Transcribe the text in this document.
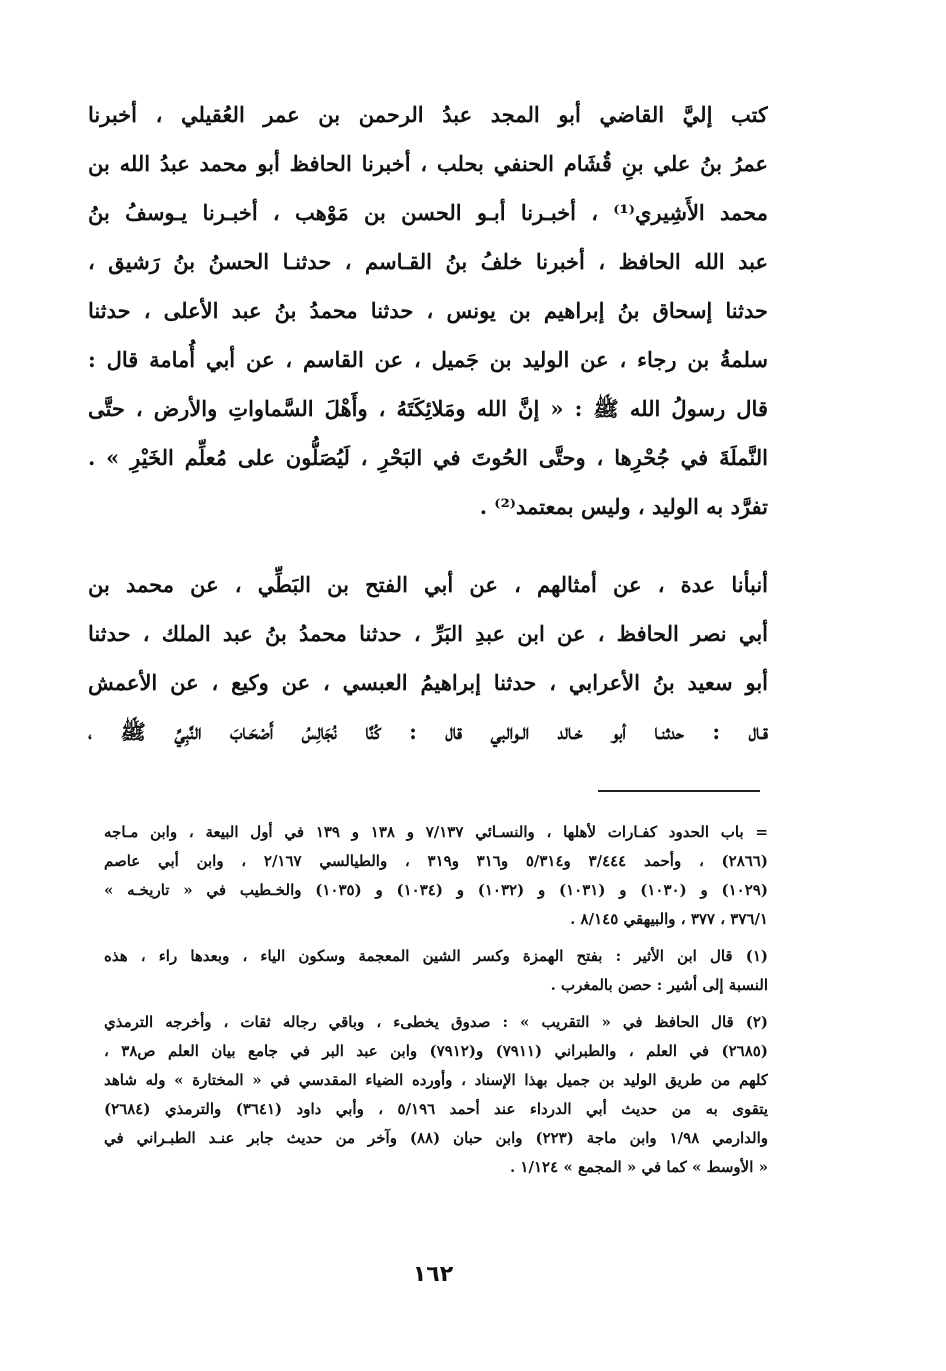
كتب إليَّ القاضي أبو المجد عبدُ الرحمن بن عمر العُقيلي ، أخبرنا
عمرُ بنُ علي بنِ قُشَام الحنفي بحلب ، أخبرنا الحافظ أبو محمد عبدُ الله بن
محمد الأَشِيري⁽¹⁾ ، أخبـرنا أبـو الحسن بن مَوْهب ، أخبـرنا يـوسفُ بنُ
عبد الله الحافظ ، أخبرنا خلفُ بنُ القـاسم ، حدثنـا الحسنُ بنُ رَشيق ،
حدثنا إسحاق بنُ إبراهيم بن يونس ، حدثنا محمدُ بنُ عبد الأعلى ، حدثنا
سلمةُ بن رجاء ، عن الوليد بن جَميل ، عن القاسم ، عن أبي أُمامة قال :
قال رسولُ الله ﷺ : « إنَّ الله ومَلائِكَتَهُ ، وأَهْلَ السَّماواتِ والأرض ، حتَّى
النَّملَةَ في جُحْرِها ، وحتَّى الحُوتَ في البَحْرِ ، لَيُصَلُّون على مُعلِّم الخَيْرِ » .
تفرَّد به الوليد ، وليس بمعتمد⁽²⁾ .
أنبأنا عدة ، عن أمثالهم ، عن أبي الفتح بن البَطِّي ، عن محمد بن
أبي نصر الحافظ ، عن ابن عبدِ البَرِّ ، حدثنا محمدُ بنُ عبد الملك ، حدثنا
أبو سعيد بنُ الأعرابي ، حدثنا إبراهيمُ العبسي ، عن وكيع ، عن الأعمش
قـال : حدثنـا أبو خـالد الـوالبي قال : كُنَّا نُجَالِسُ أَصْحَـابَ النَّبِيِّ ﷺ ،
= باب الحدود كفـارات لأهلها ، والنسـائي ٧/١٣٧ و ١٣٨ و ١٣٩ في أول البيعة ، وابن مـاجه
(٢٨٦٦) ، وأحمد ٣/٤٤٤ و٥/٣١٤ و٣١٦ و٣١٩ ، والطيالسي ٢/١٦٧ ، وابن أبي عاصم
(١٠٢٩) و (١٠٣٠) و (١٠٣١) و (١٠٣٢) و (١٠٣٤) و (١٠٣٥) والخـطيب في « تاريخـه »
٣٧٦/١ ، ٣٧٧ ، والبيهقي ٨/١٤٥ .
(١) قال ابن الأثير : بفتح الهمزة وكسر الشين المعجمة وسكون الياء ، وبعدها راء ، هذه
النسبة إلى أشير : حصن بالمغرب .
(٢) قال الحافظ في « التقريب » : صدوق يخطىء ، وباقي رجاله ثقات ، وأخرجه الترمذي
(٢٦٨٥) في العلم ، والطبراني (٧٩١١) و(٧٩١٢) وابن عبد البر في جامع بيان العلم ص٣٨ ،
كلهم من طريق الوليد بن جميل بهذا الإسناد ، وأورده الضياء المقدسي في « المختارة » وله شاهد
يتقوى به من حديث أبي الدرداء عند أحمد ٥/١٩٦ ، وأبي داود (٣٦٤١) والترمذي (٢٦٨٤)
والدارمي ١/٩٨ وابن ماجة (٢٢٣) وابن حبان (٨٨) وآخر من حديث جابر عنـد الطبـراني في
« الأوسط » كما في « المجمع » ١/١٢٤ .
١٦٢
